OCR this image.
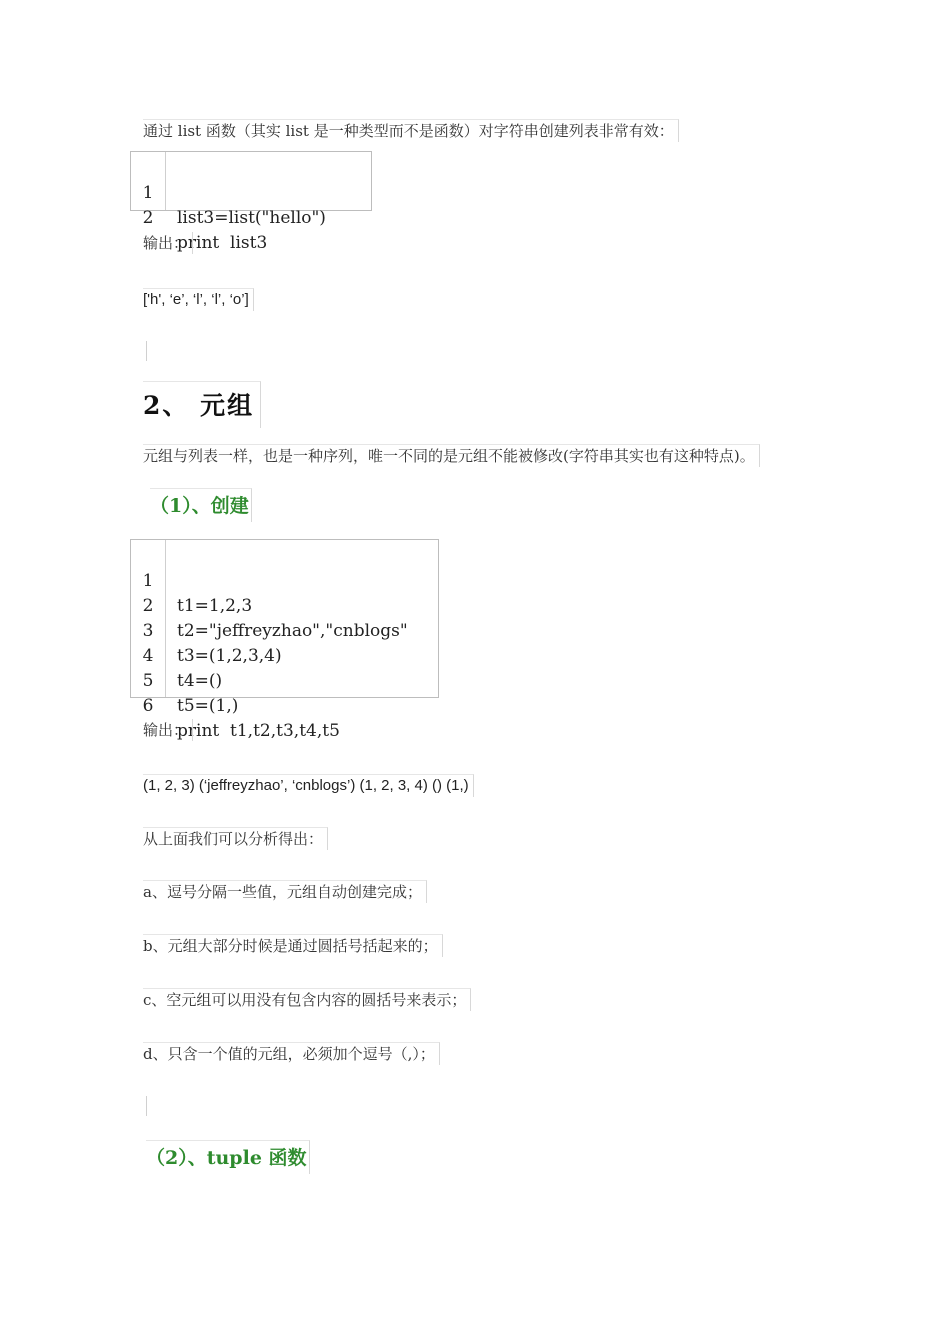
通过 list 函数（其实 list 是一种类型而不是函数）对字符串创建列表非常有效：

1

list3=list("hello")

2

print  list3

输出：
['h', ‘e’, ‘l’, ‘l’, ‘o’]
2、 元组
元组与列表一样，也是一种序列，唯一不同的是元组不能被修改(字符串其实也有这种特点)。
（1）、创建

1

t1=1,2,3

2

t2="jeffreyzhao","cnblogs"

3

t3=(1,2,3,4)

4

t4=()

5

t5=(1,)

6

print  t1,t2,t3,t4,t5

输出：
(1, 2, 3) (‘jeffreyzhao’, ‘cnblogs’) (1, 2, 3, 4) () (1,)
从上面我们可以分析得出：
a、逗号分隔一些值，元组自动创建完成；
b、元组大部分时候是通过圆括号括起来的；
c、空元组可以用没有包含内容的圆括号来表示；
d、只含一个值的元组，必须加个逗号（,）；
（2）、tuple 函数
